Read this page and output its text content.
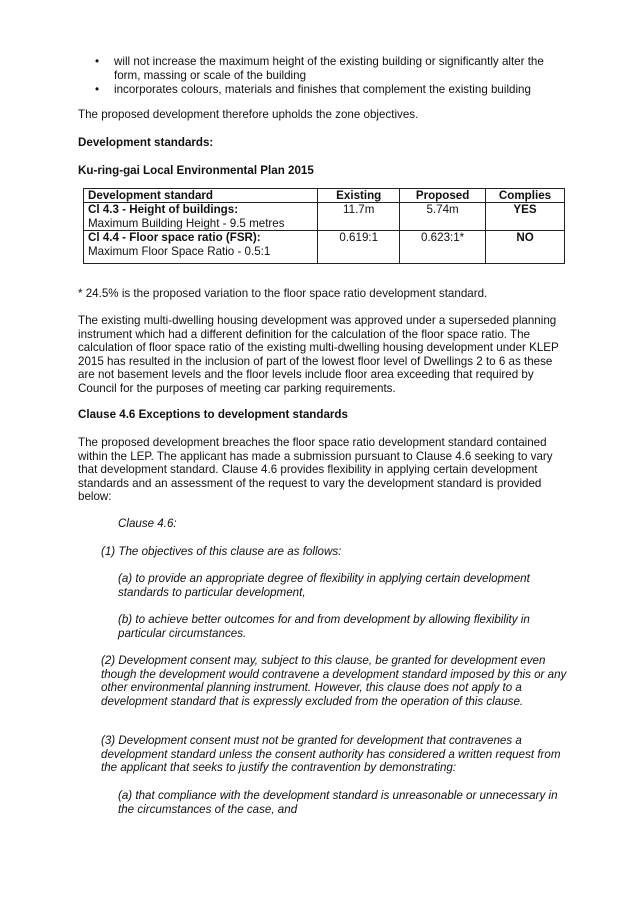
• will not increase the maximum height of the existing building or significantly alter the form, massing or scale of the building
• incorporates colours, materials and finishes that complement the existing building

The proposed development therefore upholds the zone objectives.

Development standards:

Ku-ring-gai Local Environmental Plan 2015

Development standard	Existing	Proposed	Complies

Cl 4.3 - Height of buildings:
Maximum Building Height - 9.5 metres	11.7m	5.74m	YES

Cl 4.4 - Floor space ratio (FSR):
Maximum Floor Space Ratio - 0.5:1	0.619:1	0.623:1*	NO

* 24.5% is the proposed variation to the floor space ratio development standard.

The existing multi-dwelling housing development was approved under a superseded planning instrument which had a different definition for the calculation of the floor space ratio. The calculation of floor space ratio of the existing multi-dwelling housing development under KLEP 2015 has resulted in the inclusion of part of the lowest floor level of Dwellings 2 to 6 as these are not basement levels and the floor levels include floor area exceeding that required by Council for the purposes of meeting car parking requirements.

Clause 4.6 Exceptions to development standards

The proposed development breaches the floor space ratio development standard contained within the LEP. The applicant has made a submission pursuant to Clause 4.6 seeking to vary that development standard. Clause 4.6 provides flexibility in applying certain development standards and an assessment of the request to vary the development standard is provided below:

Clause 4.6:

(1) The objectives of this clause are as follows:

(a) to provide an appropriate degree of flexibility in applying certain development standards to particular development,

(b) to achieve better outcomes for and from development by allowing flexibility in particular circumstances.

(2) Development consent may, subject to this clause, be granted for development even though the development would contravene a development standard imposed by this or any other environmental planning instrument. However, this clause does not apply to a development standard that is expressly excluded from the operation of this clause.

(3) Development consent must not be granted for development that contravenes a development standard unless the consent authority has considered a written request from the applicant that seeks to justify the contravention by demonstrating:

(a) that compliance with the development standard is unreasonable or unnecessary in the circumstances of the case, and
